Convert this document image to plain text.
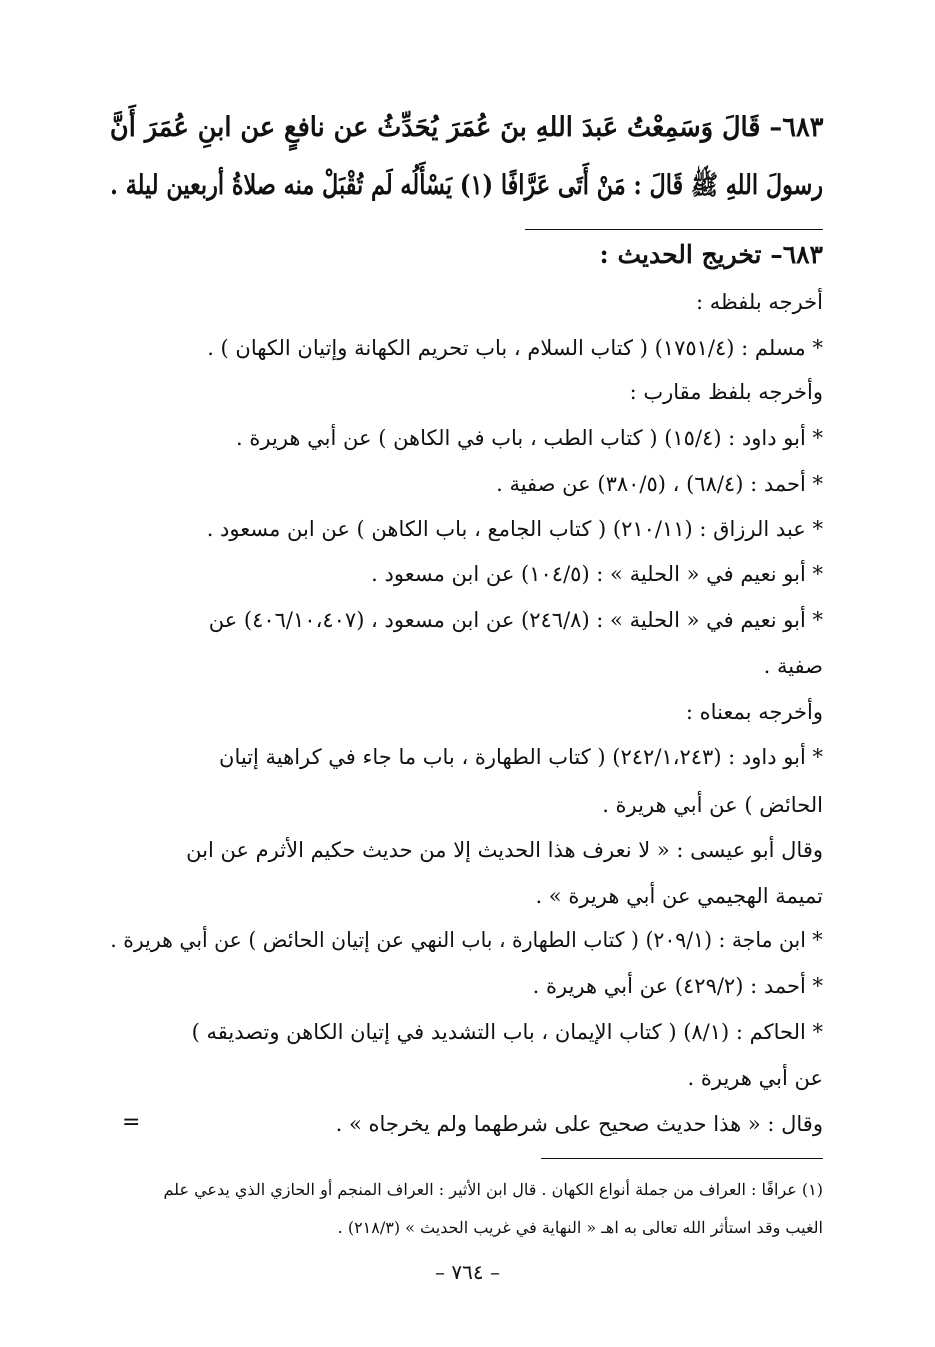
٦٨٣– قَالَ وَسَمِعْتُ عَبدَ اللهِ بنَ عُمَرَ يُحَدِّثُ عن نافعٍ عن ابنِ عُمَرَ أَنَّ
رسولَ اللهِ ﷺ قَالَ : مَنْ أَتَى عَرَّافًا (١) يَسْأَلُه لَم تُقْبَلْ منه صلاةُ أربعين ليلة .
٦٨٣– تخريج الحديث :
أخرجه بلفظه :
* مسلم : (١٧٥١/٤) ( كتاب السلام ، باب تحريم الكهانة وإتيان الكهان ) .
وأخرجه بلفظ مقارب :
* أبو داود : (١٥/٤) ( كتاب الطب ، باب في الكاهن ) عن أبي هريرة .
* أحمد : (٦٨/٤) ، (٣٨٠/٥) عن صفية .
* عبد الرزاق : (٢١٠/١١) ( كتاب الجامع ، باب الكاهن ) عن ابن مسعود .
* أبو نعيم في « الحلية » : (١٠٤/٥) عن ابن مسعود .
* أبو نعيم في « الحلية » : (٢٤٦/٨) عن ابن مسعود ، (٤٠٦/١٠،٤٠٧) عن
صفية .
وأخرجه بمعناه :
* أبو داود : (٢٤٢/١،٢٤٣) ( كتاب الطهارة ، باب ما جاء في كراهية إتيان
الحائض ) عن أبي هريرة .
وقال أبو عيسى : « لا نعرف هذا الحديث إلا من حديث حكيم الأثرم عن ابن
تميمة الهجيمي عن أبي هريرة » .
* ابن ماجة : (٢٠٩/١) ( كتاب الطهارة ، باب النهي عن إتيان الحائض ) عن أبي هريرة .
* أحمد : (٤٢٩/٢) عن أبي هريرة .
* الحاكم : (٨/١) ( كتاب الإيمان ، باب التشديد في إتيان الكاهن وتصديقه )
عن أبي هريرة .
وقال : « هذا حديث صحيح على شرطهما ولم يخرجاه » .
=
(١) عرافًا : العراف من جملة أنواع الكهان . قال ابن الأثير : العراف المنجم أو الحازي الذي يدعي علم
الغيب وقد استأثر الله تعالى به اهـ « النهاية في غريب الحديث » (٢١٨/٣) .
– ٧٦٤ –
